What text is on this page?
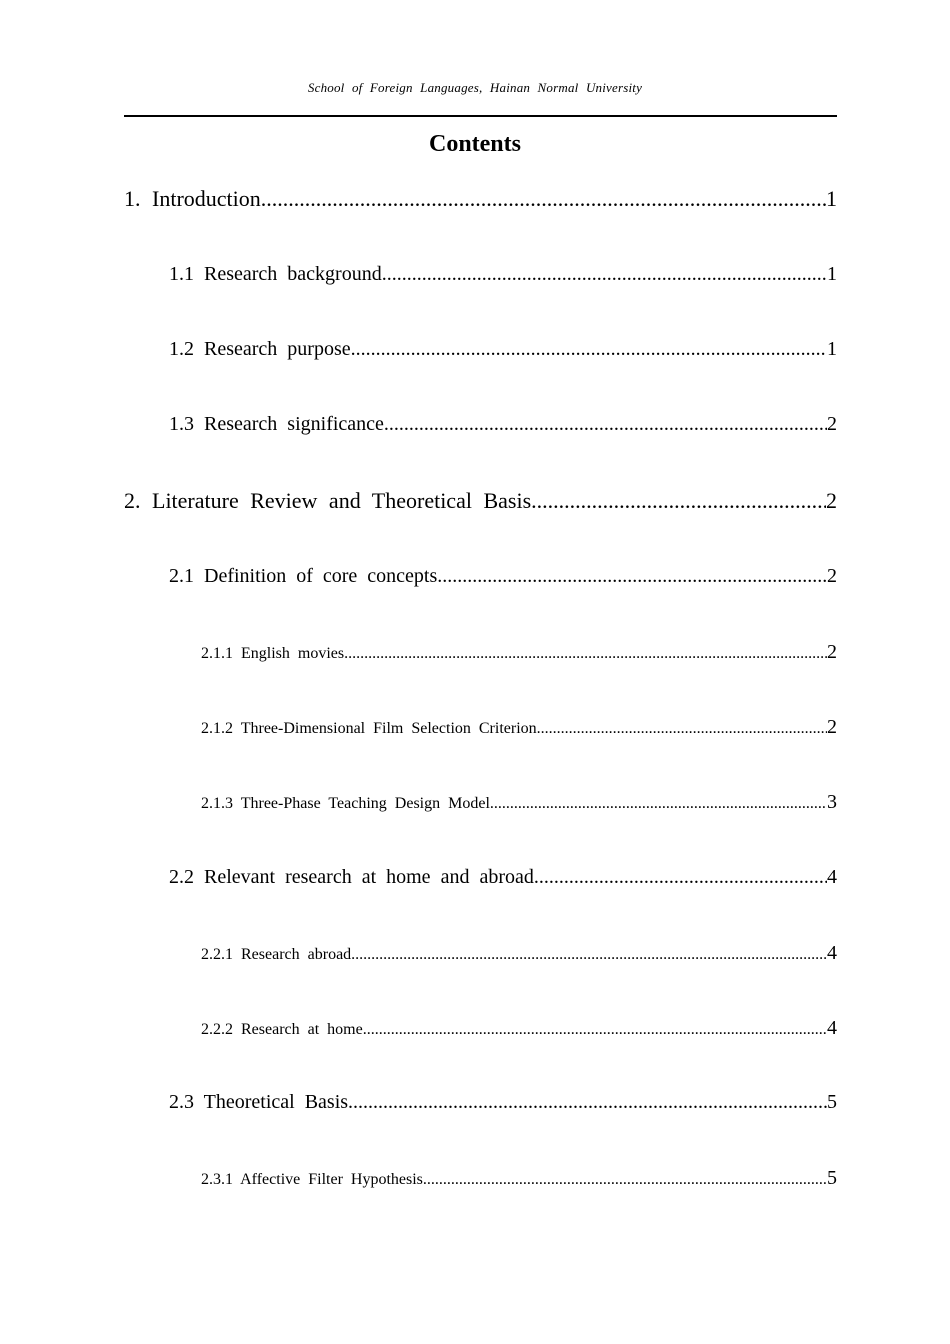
School of Foreign Languages, Hainan Normal University
Contents
1. Introduction .....	1
1.1 Research background .....	1
1.2 Research purpose .....	1
1.3 Research significance .....	2
2. Literature Review and Theoretical Basis .....	2
2.1 Definition of core concepts .....	2
2.1.1 English movies .....	2
2.1.2 Three-Dimensional Film Selection Criterion .....	2
2.1.3 Three-Phase Teaching Design Model .....	3
2.2 Relevant research at home and abroad .....	4
2.2.1 Research abroad .....	4
2.2.2 Research at home .....	4
2.3 Theoretical Basis .....	5
2.3.1 Affective Filter Hypothesis .....	5
